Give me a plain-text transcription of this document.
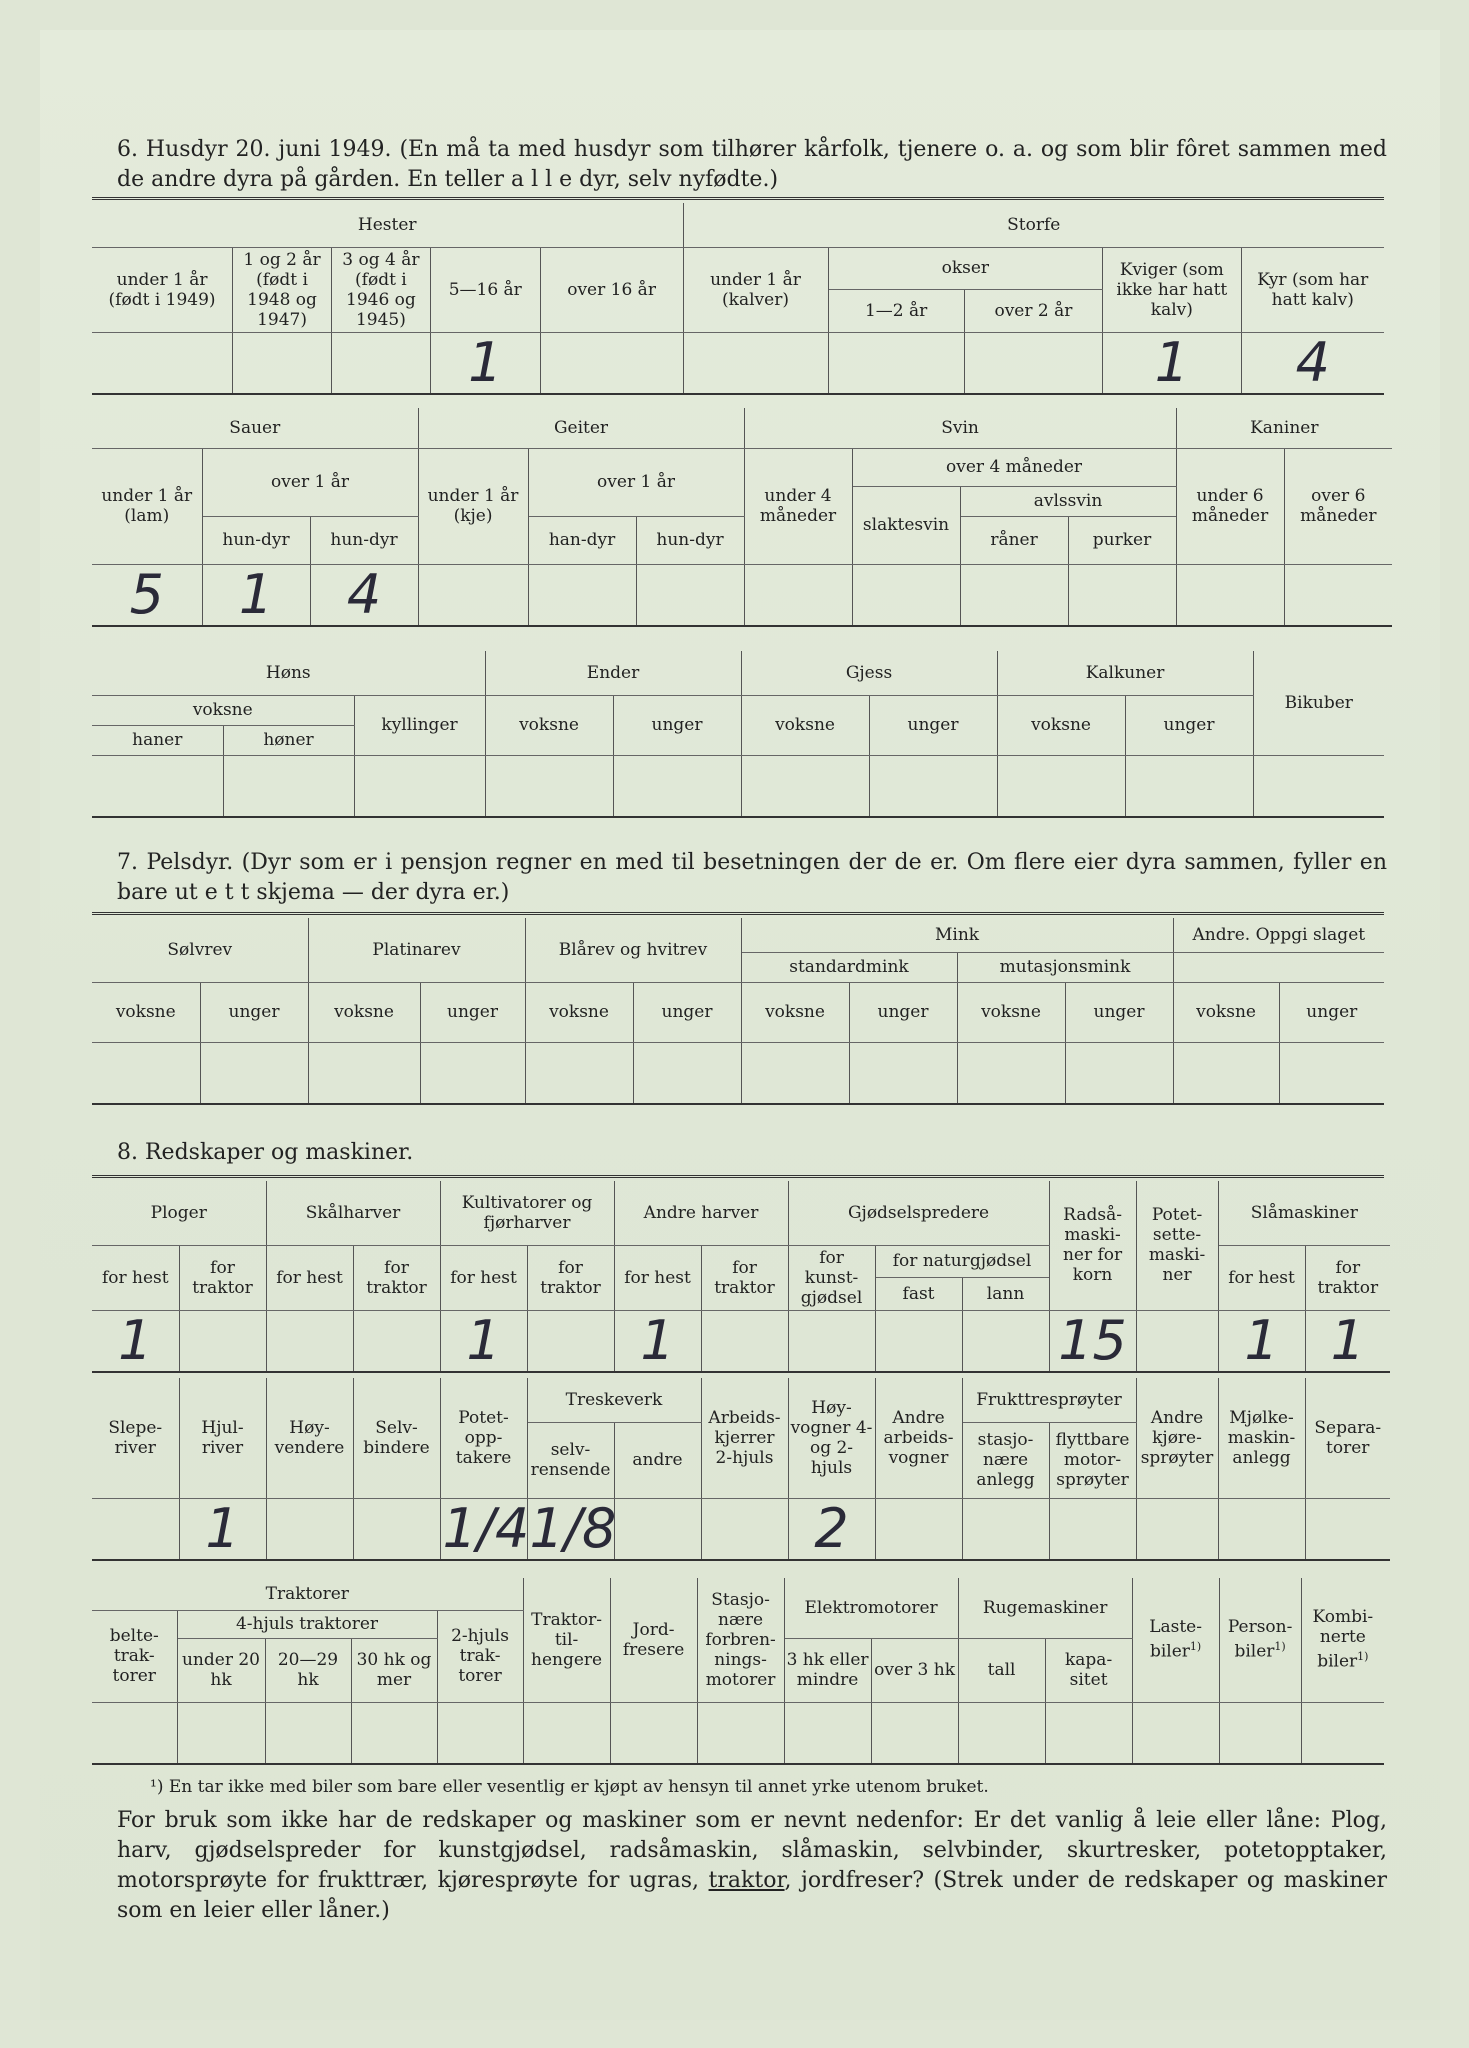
6. Husdyr 20. juni 1949. (En må ta med husdyr som tilhører kårfolk, tjenere o. a. og som blir fôret sammen med de andre dyra på gården. En teller a l l e dyr, selv nyfødte.)
Hester					Storfe				
under 1 år (født i 1949)	1 og 2 år (født i 1948 og 1947)	3 og 4 år (født i 1946 og 1945)	5—16 år	over 16 år	under 1 år (kalver)	okser		Kviger (som ikke har hatt kalv)	Kyr (som har hatt kalv)
						1—2 år	over 2 år		
			1					1	4
Sauer			Geiter			Svin				Kaniner	
under 1 år (lam)	over 1 år		under 1 år (kje)	over 1 år		under 4 måneder	over 4 måneder			under 6 måneder	over 6 måneder
							slaktesvin	avlssvin			
	hun-dyr	hun-dyr		han-dyr	hun-dyr			råner	purker		
5	1	4									
Høns			Ender		Gjess		Kalkuner		Bikuber
voksne		kyllinger	voksne	unger	voksne	unger	voksne	unger	
haner	høner								

7. Pelsdyr. (Dyr som er i pensjon regner en med til besetningen der de er. Om flere eier dyra sammen, fyller en bare ut e t t skjema — der dyra er.)
Sølvrev		Platinarev		Blårev og hvitrev		Mink				Andre. Oppgi slaget	
						standardmink		mutasjonsmink			
voksne	unger	voksne	unger	voksne	unger	voksne	unger	voksne	unger	voksne	unger

8. Redskaper og maskiner.
Ploger		Skålharver		Kultivatorer og fjørharver		Andre harver		Gjødselspredere			Radså-maski-ner for korn	Potet-sette-maski-ner	Slåmaskiner	
for hest	for traktor	for hest	for traktor	for hest	for traktor	for hest	for traktor	for kunst-gjødsel	for naturgjødsel				for hest	for traktor
									fast	lann				
1				1		1					15		1	1
Slepe-river	Hjul-river	Høy-vendere	Selv-bindere	Potet-opp-takere	Treskeverk		Arbeids-kjerrer 2-hjuls	Høy-vogner 4- og 2-hjuls	Andre arbeids-vogner	Frukttresprøyter		Andre kjøre-sprøyter	Mjølke-maskin-anlegg	Separa-torer
					selv-rensende	andre				stasjo-nære anlegg	flyttbare motor-sprøyter			
	1			1/4	1/8			2						
Traktorer					Traktor-til-hengere	Jord-fresere	Stasjo-nære forbren-nings-motorer	Elektromotorer		Rugemaskiner		Laste-biler$^{1)}$	Person-biler$^{1)}$	Kombi-nerte biler$^{1)}$
belte-trak-torer	4-hjuls traktorer			2-hjuls trak-torer										
	under 20 hk	20—29 hk	30 hk og mer					3 hk eller mindre	over 3 hk	tall	kapa-sitet			

¹) En tar ikke med biler som bare eller vesentlig er kjøpt av hensyn til annet yrke utenom bruket.
For bruk som ikke har de redskaper og maskiner som er nevnt nedenfor: Er det vanlig å leie eller låne: Plog, harv, gjødselspreder for kunstgjødsel, radsåmaskin, slåmaskin, selvbinder, skurtresker, potetopptaker, motorsprøyte for frukttrær, kjøresprøyte for ugras, traktor, jordfreser? (Strek under de redskaper og maskiner som en leier eller låner.)
